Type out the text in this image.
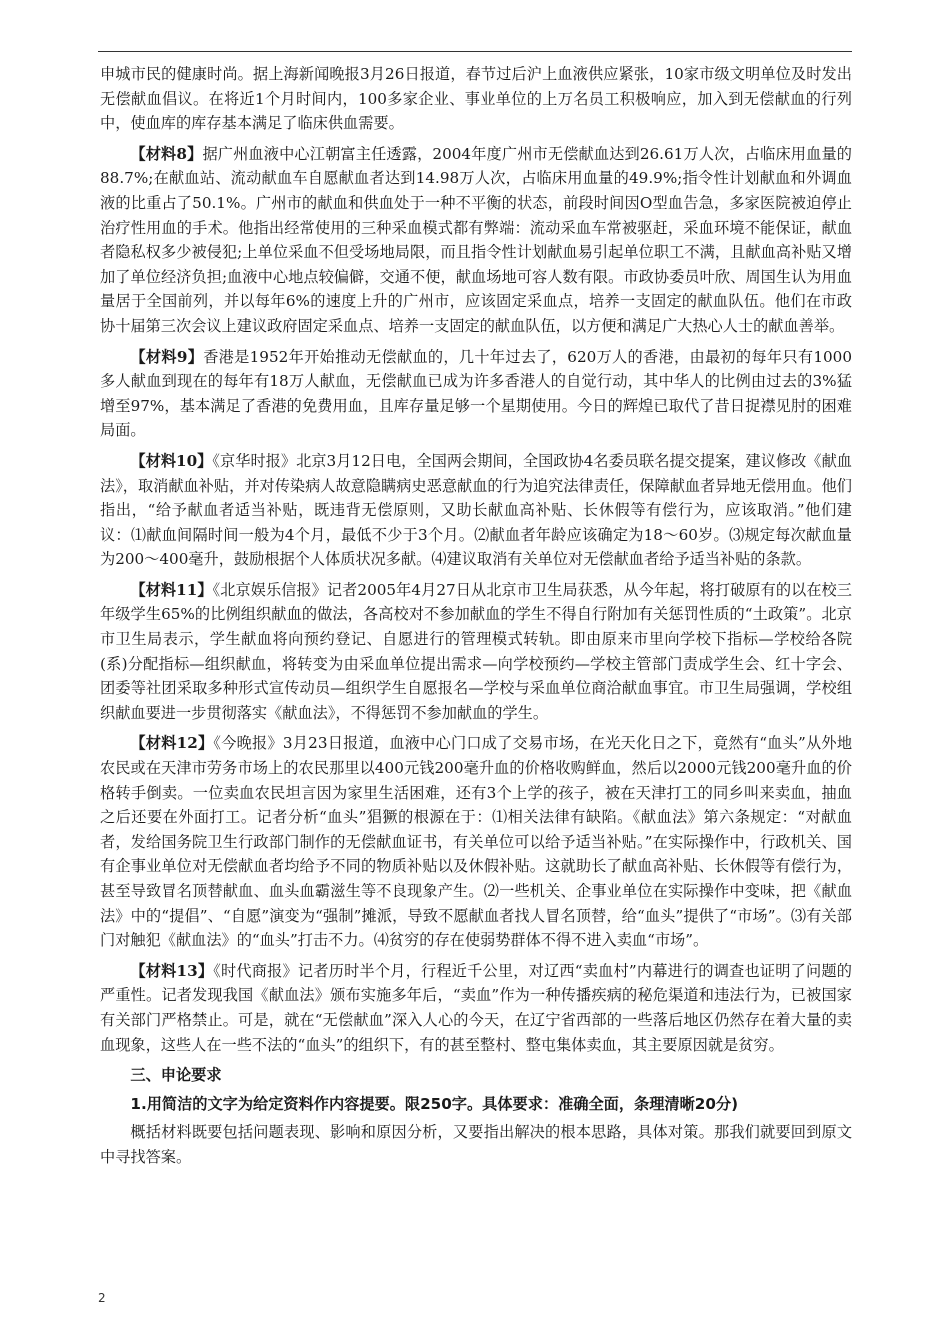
申城市民的健康时尚。据上海新闻晚报3月26日报道，春节过后沪上血液供应紧张，10家市级文明单位及时发出无偿献血倡议。在将近1个月时间内，100多家企业、事业单位的上万名员工积极响应，加入到无偿献血的行列中，使血库的库存基本满足了临床供血需要。

【材料8】据广州血液中心江朝富主任透露，2004年度广州市无偿献血达到26.61万人次，占临床用血量的88.7%;在献血站、流动献血车自愿献血者达到14.98万人次，占临床用血量的49.9%;指令性计划献血和外调血液的比重占了50.1%。广州市的献血和供血处于一种不平衡的状态，前段时间因O型血告急，多家医院被迫停止治疗性用血的手术。他指出经常使用的三种采血模式都有弊端：流动采血车常被驱赶，采血环境不能保证，献血者隐私权多少被侵犯;上单位采血不但受场地局限，而且指令性计划献血易引起单位职工不满，且献血高补贴又增加了单位经济负担;血液中心地点较偏僻，交通不便，献血场地可容人数有限。市政协委员叶欣、周国生认为用血量居于全国前列，并以每年6%的速度上升的广州市，应该固定采血点，培养一支固定的献血队伍。他们在市政协十届第三次会议上建议政府固定采血点、培养一支固定的献血队伍，以方便和满足广大热心人士的献血善举。

【材料9】香港是1952年开始推动无偿献血的，几十年过去了，620万人的香港，由最初的每年只有1000多人献血到现在的每年有18万人献血，无偿献血已成为许多香港人的自觉行动，其中华人的比例由过去的3%猛增至97%，基本满足了香港的免费用血，且库存量足够一个星期使用。今日的辉煌已取代了昔日捉襟见肘的困难局面。

【材料10】《京华时报》北京3月12日电，全国两会期间，全国政协4名委员联名提交提案，建议修改《献血法》，取消献血补贴，并对传染病人故意隐瞒病史恶意献血的行为追究法律责任，保障献血者异地无偿用血。他们指出，“给予献血者适当补贴，既违背无偿原则，又助长献血高补贴、长休假等有偿行为，应该取消。”他们建议：⑴献血间隔时间一般为4个月，最低不少于3个月。⑵献血者年龄应该确定为18～60岁。⑶规定每次献血量为200～400毫升，鼓励根据个人体质状况多献。⑷建议取消有关单位对无偿献血者给予适当补贴的条款。

【材料11】《北京娱乐信报》记者2005年4月27日从北京市卫生局获悉，从今年起，将打破原有的以在校三年级学生65%的比例组织献血的做法，各高校对不参加献血的学生不得自行附加有关惩罚性质的“土政策”。北京市卫生局表示，学生献血将向预约登记、自愿进行的管理模式转轨。即由原来市里向学校下指标—学校给各院(系)分配指标—组织献血，将转变为由采血单位提出需求—向学校预约—学校主管部门责成学生会、红十字会、团委等社团采取多种形式宣传动员—组织学生自愿报名—学校与采血单位商洽献血事宜。市卫生局强调，学校组织献血要进一步贯彻落实《献血法》，不得惩罚不参加献血的学生。

【材料12】《今晚报》3月23日报道，血液中心门口成了交易市场，在光天化日之下，竟然有“血头”从外地农民或在天津市劳务市场上的农民那里以400元钱200毫升血的价格收购鲜血，然后以2000元钱200毫升血的价格转手倒卖。一位卖血农民坦言因为家里生活困难，还有3个上学的孩子，被在天津打工的同乡叫来卖血，抽血之后还要在外面打工。记者分析“血头”猖獗的根源在于：⑴相关法律有缺陷。《献血法》第六条规定：“对献血者，发给国务院卫生行政部门制作的无偿献血证书，有关单位可以给予适当补贴。”在实际操作中，行政机关、国有企事业单位对无偿献血者均给予不同的物质补贴以及休假补贴。这就助长了献血高补贴、长休假等有偿行为，甚至导致冒名顶替献血、血头血霸滋生等不良现象产生。⑵一些机关、企事业单位在实际操作中变味，把《献血法》中的“提倡”、“自愿”演变为“强制”摊派，导致不愿献血者找人冒名顶替，给“血头”提供了“市场”。⑶有关部门对触犯《献血法》的“血头”打击不力。⑷贫穷的存在使弱势群体不得不进入卖血“市场”。

【材料13】《时代商报》记者历时半个月，行程近千公里，对辽西“卖血村”内幕进行的调查也证明了问题的严重性。记者发现我国《献血法》颁布实施多年后，“卖血”作为一种传播疾病的秘危渠道和违法行为，已被国家有关部门严格禁止。可是，就在“无偿献血”深入人心的今天，在辽宁省西部的一些落后地区仍然存在着大量的卖血现象，这些人在一些不法的“血头”的组织下，有的甚至整村、整屯集体卖血，其主要原因就是贫穷。

三、申论要求
1.用简洁的文字为给定资料作内容提要。限250字。具体要求：准确全面，条理清晰20分)

概括材料既要包括问题表现、影响和原因分析，又要指出解决的根本思路，具体对策。那我们就要回到原文中寻找答案。

2
